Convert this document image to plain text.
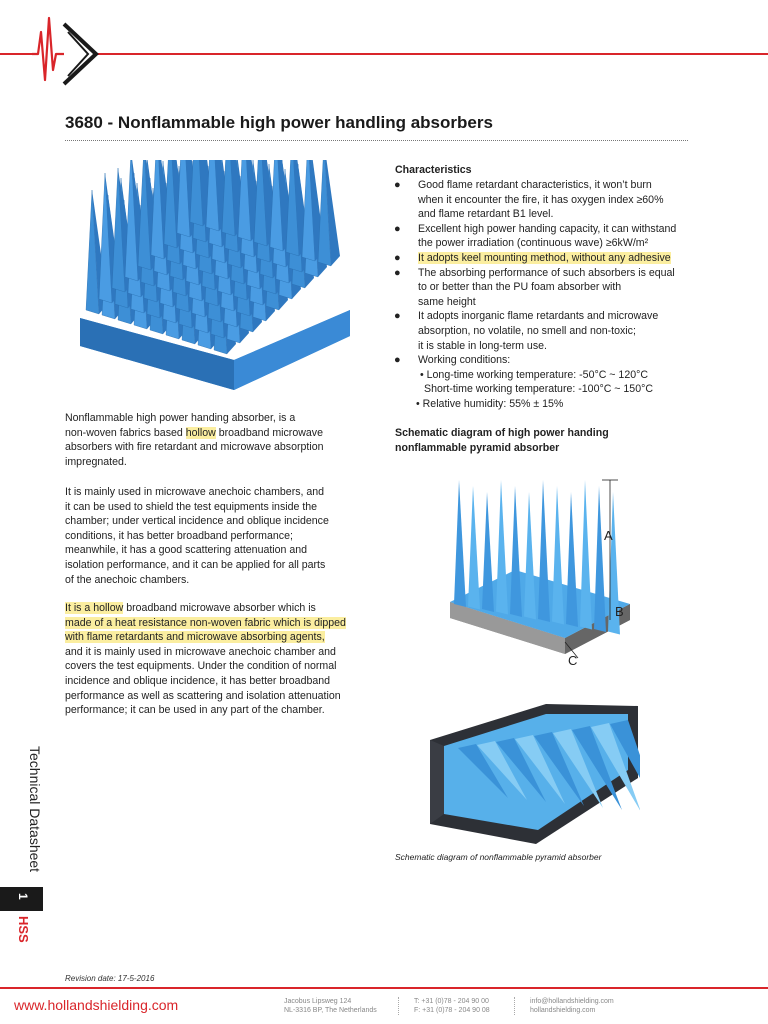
3680 - Nonflammable high power handling absorbers
Nonflammable high power handing absorber, is a
non-woven fabrics based hollow broadband microwave
absorbers with fire retardant and microwave absorption
impregnated.
It is mainly used in microwave anechoic chambers, and
it can be used to shield the test equipments inside the
chamber; under vertical incidence and oblique incidence
conditions, it has better broadband performance;
meanwhile, it has a good scattering attenuation and
isolation performance, and it can be applied for all parts
of the anechoic chambers.
It is a hollow broadband microwave absorber which is
made of a heat resistance non-woven fabric which is dipped
with flame retardants and microwave absorbing agents,
and it is mainly used in microwave anechoic chamber and
covers the test equipments. Under the condition of normal
incidence and oblique incidence, it has better broadband
performance as well as scattering and isolation attenuation
performance; it can be used in any part of the chamber.
Characteristics
● Good flame retardant characteristics, it won’t burn
when it encounter the fire, it has oxygen index ≥60%
and flame retardant B1 level.
● Excellent high power handing capacity, it can withstand
the power irradiation (continuous wave) ≥6kW/m²
● It adopts keel mounting method, without any adhesive
● The absorbing performance of such absorbers is equal
to or better than the PU foam absorber with
same height
● It adopts inorganic flame retardants and microwave
absorption, no volatile, no smell and non-toxic;
it is stable in long-term use.
● Working conditions:
• Long-time working temperature: -50°C ~ 120°C
Short-time working temperature: -100°C ~ 150°C
• Relative humidity: 55% ± 15%
Schematic diagram of high power handing
nonflammable pyramid absorber
A
B
C
Schematic diagram of nonflammable pyramid absorber
Technical Datasheet
1
HSS
Revision date: 17-5-2016
www.hollandshielding.com	Jacobus Lipsweg 124
NL-3316 BP, The Netherlands
T: +31 (0)78 - 204 90 00
F: +31 (0)78 - 204 90 08
info@hollandshielding.com
hollandshielding.com
